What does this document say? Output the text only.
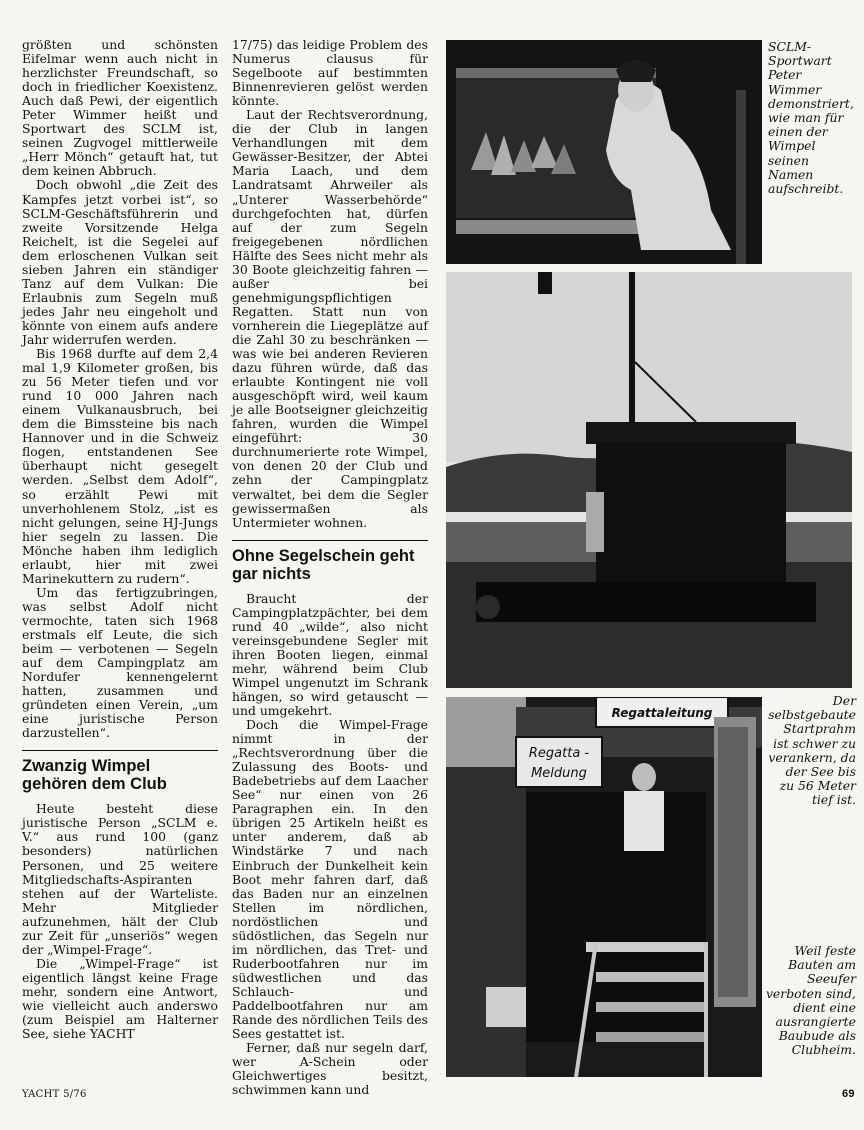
größten und schönsten Eifelmar wenn auch nicht in herzlichster Freundschaft, so doch in friedlicher Koexistenz. Auch daß Pewi, der eigentlich Peter Wimmer heißt und Sportwart des SCLM ist, seinen Zugvogel mittlerweile „Herr Mönch“ getauft hat, tut dem keinen Abbruch.

Doch obwohl „die Zeit des Kampfes jetzt vorbei ist“, so SCLM-Geschäftsführerin und zweite Vorsitzende Helga Reichelt, ist die Segelei auf dem erloschenen Vulkan seit sieben Jahren ein ständiger Tanz auf dem Vulkan: Die Erlaubnis zum Segeln muß jedes Jahr neu eingeholt und könnte von einem aufs andere Jahr widerrufen werden.

Bis 1968 durfte auf dem 2,4 mal 1,9 Kilometer großen, bis zu 56 Meter tiefen und vor rund 10 000 Jahren nach einem Vulkanausbruch, bei dem die Bimssteine bis nach Hannover und in die Schweiz flogen, entstandenen See überhaupt nicht gesegelt werden. „Selbst dem Adolf“, so erzählt Pewi mit unverhohlenem Stolz, „ist es nicht gelungen, seine HJ-Jungs hier segeln zu lassen. Die Mönche haben ihm lediglich erlaubt, hier mit zwei Marinekuttern zu rudern“.

Um das fertigzubringen, was selbst Adolf nicht vermochte, taten sich 1968 erstmals elf Leute, die sich beim — verbotenen — Segeln auf dem Campingplatz am Nordufer kennengelernt hatten, zusammen und gründeten einen Verein, „um eine juristische Person darzustellen“.

Zwanzig Wimpel gehören dem Club

Heute besteht diese juristische Person „SCLM e. V.“ aus rund 100 (ganz besonders) natürlichen Personen, und 25 weitere Mitgliedschafts-Aspiranten stehen auf der Warteliste. Mehr Mitglieder aufzunehmen, hält der Club zur Zeit für „unseriös“ wegen der „Wimpel-Frage“.

Die „Wimpel-Frage“ ist eigentlich längst keine Frage mehr, sondern eine Antwort, wie vielleicht auch anderswo (zum Beispiel am Halterner See, siehe YACHT

17/75) das leidige Problem des Numerus clausus für Segelboote auf bestimmten Binnenrevieren gelöst werden könnte.

Laut der Rechtsverordnung, die der Club in langen Verhandlungen mit dem Gewässer-Besitzer, der Abtei Maria Laach, und dem Landratsamt Ahrweiler als „Unterer Wasserbehörde“ durchgefochten hat, dürfen auf der zum Segeln freigegebenen nördlichen Hälfte des Sees nicht mehr als 30 Boote gleichzeitig fahren — außer bei genehmigungspflichtigen Regatten. Statt nun von vornherein die Liegeplätze auf die Zahl 30 zu beschränken — was wie bei anderen Revieren dazu führen würde, daß das erlaubte Kontingent nie voll ausgeschöpft wird, weil kaum je alle Bootseigner gleichzeitig fahren, wurden die Wimpel eingeführt: 30 durchnumerierte rote Wimpel, von denen 20 der Club und zehn der Campingplatz verwaltet, bei dem die Segler gewissermaßen als Untermieter wohnen.

Ohne Segelschein geht gar nichts

Braucht der Campingplatzpächter, bei dem rund 40 „wilde“, also nicht vereinsgebundene Segler mit ihren Booten liegen, einmal mehr, während beim Club Wimpel ungenutzt im Schrank hängen, so wird getauscht — und umgekehrt.

Doch die Wimpel-Frage nimmt in der „Rechtsverordnung über die Zulassung des Boots- und Badebetriebs auf dem Laacher See“ nur einen von 26 Paragraphen ein. In den übrigen 25 Artikeln heißt es unter anderem, daß ab Windstärke 7 und nach Einbruch der Dunkelheit kein Boot mehr fahren darf, daß das Baden nur an einzelnen Stellen im nördlichen, nordöstlichen und südöstlichen, das Segeln nur im nördlichen, das Tret- und Ruderbootfahren nur im südwestlichen und das Schlauch- und Paddelbootfahren nur am Rande des nördlichen Teils des Sees gestattet ist.

Ferner, daß nur segeln darf, wer A-Schein oder Gleichwertiges besitzt, schwimmen kann und

Regattaleitung
Regatta -
Meldung
SCLM-Sportwart Peter Wimmer demonstriert, wie man für einen der Wimpel seinen Namen aufschreibt.
Der selbstgebaute Startprahm ist schwer zu verankern, da der See bis zu 56 Meter tief ist.
Weil feste Bauten am Seeufer verboten sind, dient eine ausrangierte Baubude als Clubheim.
YACHT 5/76	69
